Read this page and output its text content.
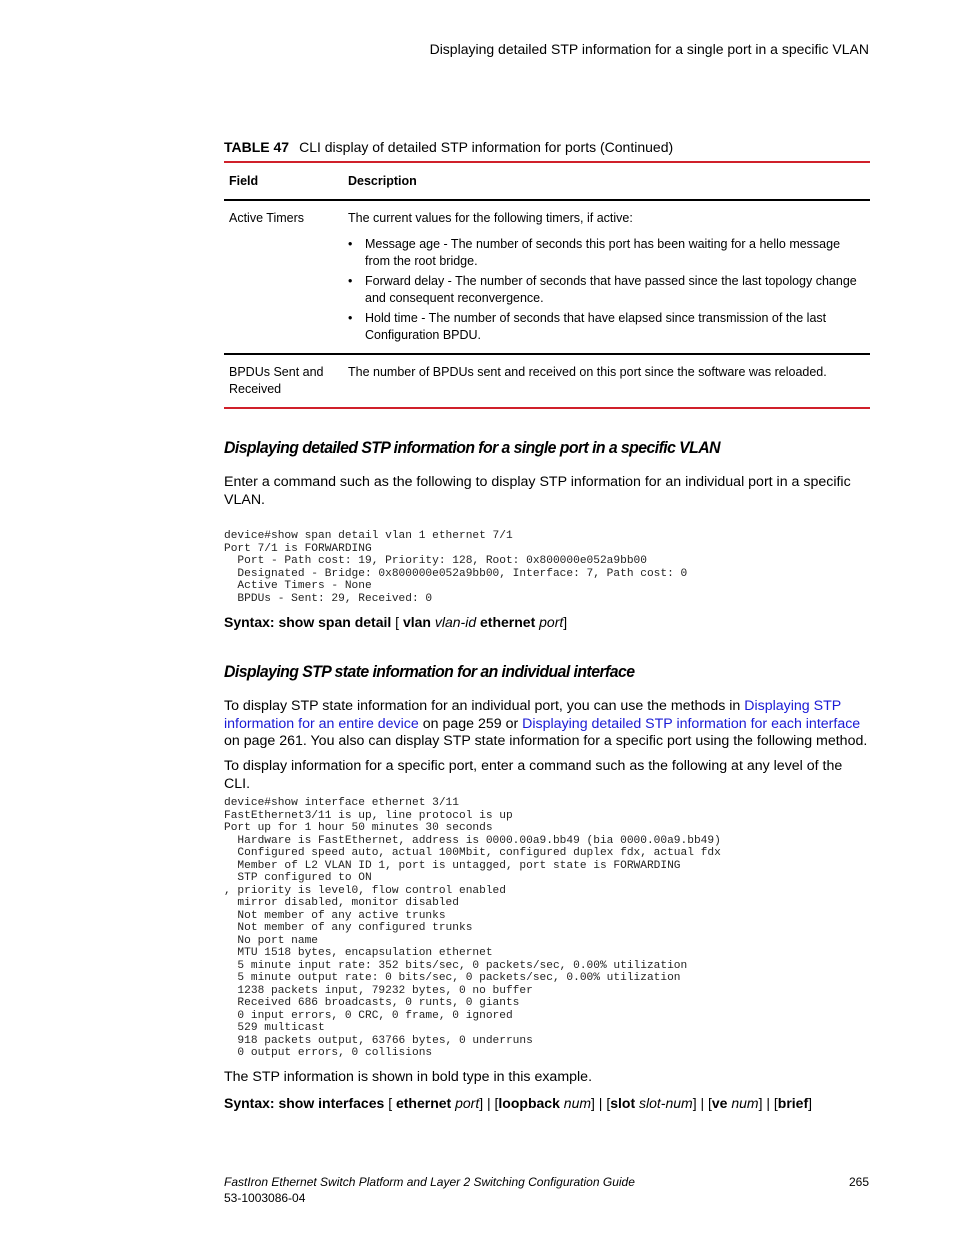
Displaying detailed STP information for a single port in a specific VLAN
TABLE 47 CLI display of detailed STP information for ports (Continued)
Field	Description
Active Timers	The current values for the following timers, if active:
• Message age - The number of seconds this port has been waiting for a hello message from the root bridge.
• Forward delay - The number of seconds that have passed since the last topology change and consequent reconvergence.
• Hold time - The number of seconds that have elapsed since transmission of the last Configuration BPDU.
BPDUs Sent and Received
The number of BPDUs sent and received on this port since the software was reloaded.
Displaying detailed STP information for a single port in a specific VLAN
Enter a command such as the following to display STP information for an individual port in a specific VLAN.
device#show span detail vlan 1 ethernet 7/1
Port 7/1 is FORWARDING
Port - Path cost: 19, Priority: 128, Root: 0x800000e052a9bb00
Designated - Bridge: 0x800000e052a9bb00, Interface: 7, Path cost: 0
Active Timers - None
BPDUs - Sent: 29, Received: 0
Syntax: show span detail [ vlan vlan-id ethernet port]
Displaying STP state information for an individual interface
To display STP state information for an individual port, you can use the methods in Displaying STP information for an entire device on page 259 or Displaying detailed STP information for each interface on page 261. You also can display STP state information for a specific port using the following method.
To display information for a specific port, enter a command such as the following at any level of the CLI.
device#show interface ethernet 3/11
FastEthernet3/11 is up, line protocol is up
Port up for 1 hour 50 minutes 30 seconds
Hardware is FastEthernet, address is 0000.00a9.bb49 (bia 0000.00a9.bb49)
Configured speed auto, actual 100Mbit, configured duplex fdx, actual fdx
Member of L2 VLAN ID 1, port is untagged, port state is FORWARDING
STP configured to ON
, priority is level0, flow control enabled
mirror disabled, monitor disabled
Not member of any active trunks
Not member of any configured trunks
No port name
MTU 1518 bytes, encapsulation ethernet
5 minute input rate: 352 bits/sec, 0 packets/sec, 0.00% utilization
5 minute output rate: 0 bits/sec, 0 packets/sec, 0.00% utilization
1238 packets input, 79232 bytes, 0 no buffer
Received 686 broadcasts, 0 runts, 0 giants
0 input errors, 0 CRC, 0 frame, 0 ignored
529 multicast
918 packets output, 63766 bytes, 0 underruns
0 output errors, 0 collisions
The STP information is shown in bold type in this example.
Syntax: show interfaces [ ethernet port] | [loopback num] | [slot slot-num] | [ve num] | [brief]
FastIron Ethernet Switch Platform and Layer 2 Switching Configuration Guide
53-1003086-04
265
